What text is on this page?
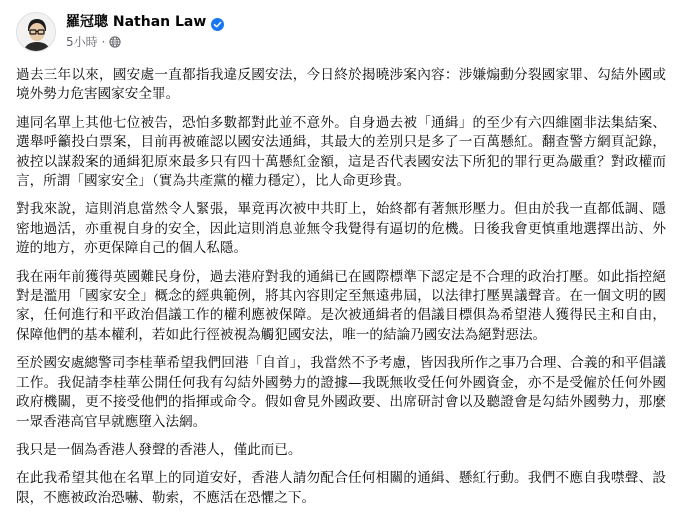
羅冠聰 Nathan Law
5小時 ·

過去三年以來，國安處一直都指我違反國安法，今日終於揭曉涉案內容：涉嫌煽動分裂國家罪、勾結外國或境外勢力危害國家安全罪。

連同名單上其他七位被告，恐怕多數都對此並不意外。自身過去被「通緝」的至少有六四維園非法集結案、選舉呼籲投白票案，目前再被確認以國安法通緝，其最大的差別只是多了一百萬懸紅。翻查警方網頁記錄，被控以謀殺案的通緝犯原來最多只有四十萬懸紅金額，這是否代表國安法下所犯的罪行更為嚴重？對政權而言，所謂「國家安全」（實為共產黨的權力穩定），比人命更珍貴。

對我來說，這則消息當然令人緊張，畢竟再次被中共盯上，始終都有著無形壓力。但由於我一直都低調、隱密地過活，亦重視自身的安全，因此這則消息並無令我覺得有逼切的危機。日後我會更慎重地選擇出訪、外遊的地方，亦更保障自己的個人私隱。

我在兩年前獲得英國難民身份，過去港府對我的通緝已在國際標準下認定是不合理的政治打壓。如此指控絕對是濫用「國家安全」概念的經典範例，將其內容則定至無遠弗屆，以法律打壓異議聲音。在一個文明的國家，任何進行和平政治倡議工作的權利應被保障。是次被通緝者的倡議目標俱為希望港人獲得民主和自由，保障他們的基本權利，若如此行徑被視為觸犯國安法，唯一的結論乃國安法為絕對惡法。

至於國安處總警司李桂華希望我們回港「自首」，我當然不予考慮，皆因我所作之事乃合理、合義的和平倡議工作。我促請李桂華公開任何我有勾結外國勢力的證據—我既無收受任何外國資金，亦不是受僱於任何外國政府機關，更不接受他們的指揮或命令。假如會見外國政要、出席研討會以及聽證會是勾結外國勢力，那麼一眾香港高官早就應墮入法網。

我只是一個為香港人發聲的香港人，僅此而已。

在此我希望其他在名單上的同道安好，香港人請勿配合任何相關的通緝、懸紅行動。我們不應自我噤聲、設限，不應被政治恐嚇、勒索，不應活在恐懼之下。
